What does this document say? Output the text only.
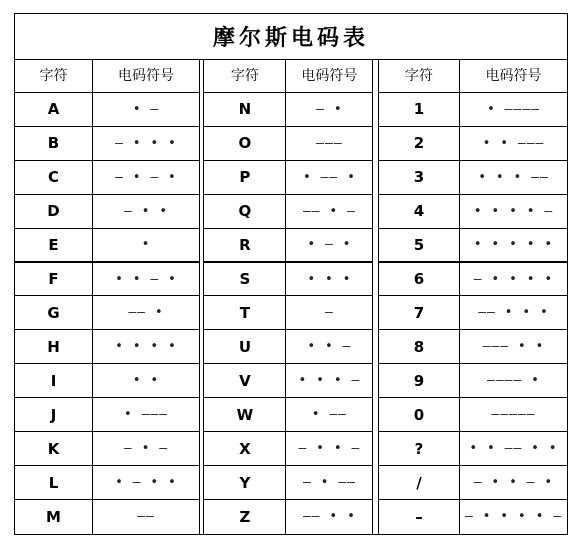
摩尔斯电码表
字符	电码符号
A	• –
B	– • • •
C	– • – •
D	– • •
E	•
F	• • – •
G	–– •
H	• • • •
I	• •
J	• –––
K	– • –
L	• – • •
M	––
字符	电码符号
N	– •
O	–––
P	• –– •
Q	–– • –
R	• – •
S	• • •
T	–
U	• • –
V	• • • –
W	• ––
X	– • • –
Y	– • ––
Z	–– • •
字符	电码符号
1	• ––––
2	• • –––
3	• • • ––
4	• • • • –
5	• • • • •
6	– • • • •
7	–– • • •
8	––– • •
9	–––– •
0	–––––
?	• • –– • •
/	– • • – •
–	– • • • • –
